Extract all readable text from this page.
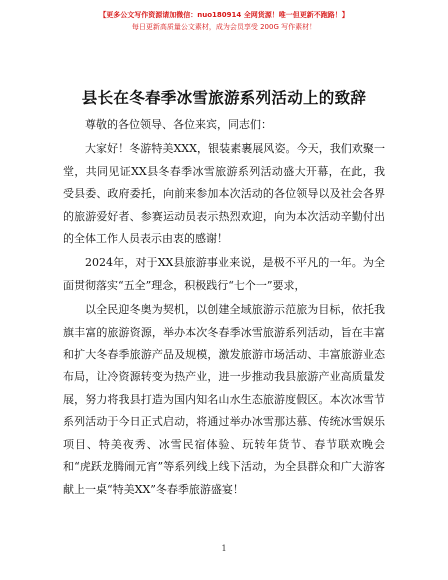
【更多公文写作资源请加微信：nuo180914 全网货源！唯一但更新不跑路！】
每日更新高质量公文素材，成为会员享受 200G 写作素材！
县长在冬春季冰雪旅游系列活动上的致辞

尊敬的各位领导、各位来宾，同志们：

大家好！冬游特美XXX，银装素裹展风姿。今天，我们欢聚一堂，共同见证XX县冬春季冰雪旅游系列活动盛大开幕，在此，我受县委、政府委托，向前来参加本次活动的各位领导以及社会各界的旅游爱好者、参赛运动员表示热烈欢迎，向为本次活动辛勤付出的全体工作人员表示由衷的感谢！

2024年，对于XX县旅游事业来说，是极不平凡的一年。为全面贯彻落实“五全”理念，积极践行“七个一”要求，

以全民迎冬奥为契机，以创建全域旅游示范旅为目标，依托我旗丰富的旅游资源，举办本次冬春季冰雪旅游系列活动，旨在丰富和扩大冬春季旅游产品及规模，激发旅游市场活动、丰富旅游业态布局，让冷资源转变为热产业，进一步推动我县旅游产业高质量发展，努力将我县打造为国内知名山水生态旅游度假区。本次冰雪节系列活动于今日正式启动，将通过举办冰雪那达慕、传统冰雪娱乐项目、特美夜秀、冰雪民宿体验、玩转年货节、春节联欢晚会和“虎跃龙腾闹元宵”等系列线上线下活动，为全县群众和广大游客献上一桌“特美XX”冬春季旅游盛宴！

1
